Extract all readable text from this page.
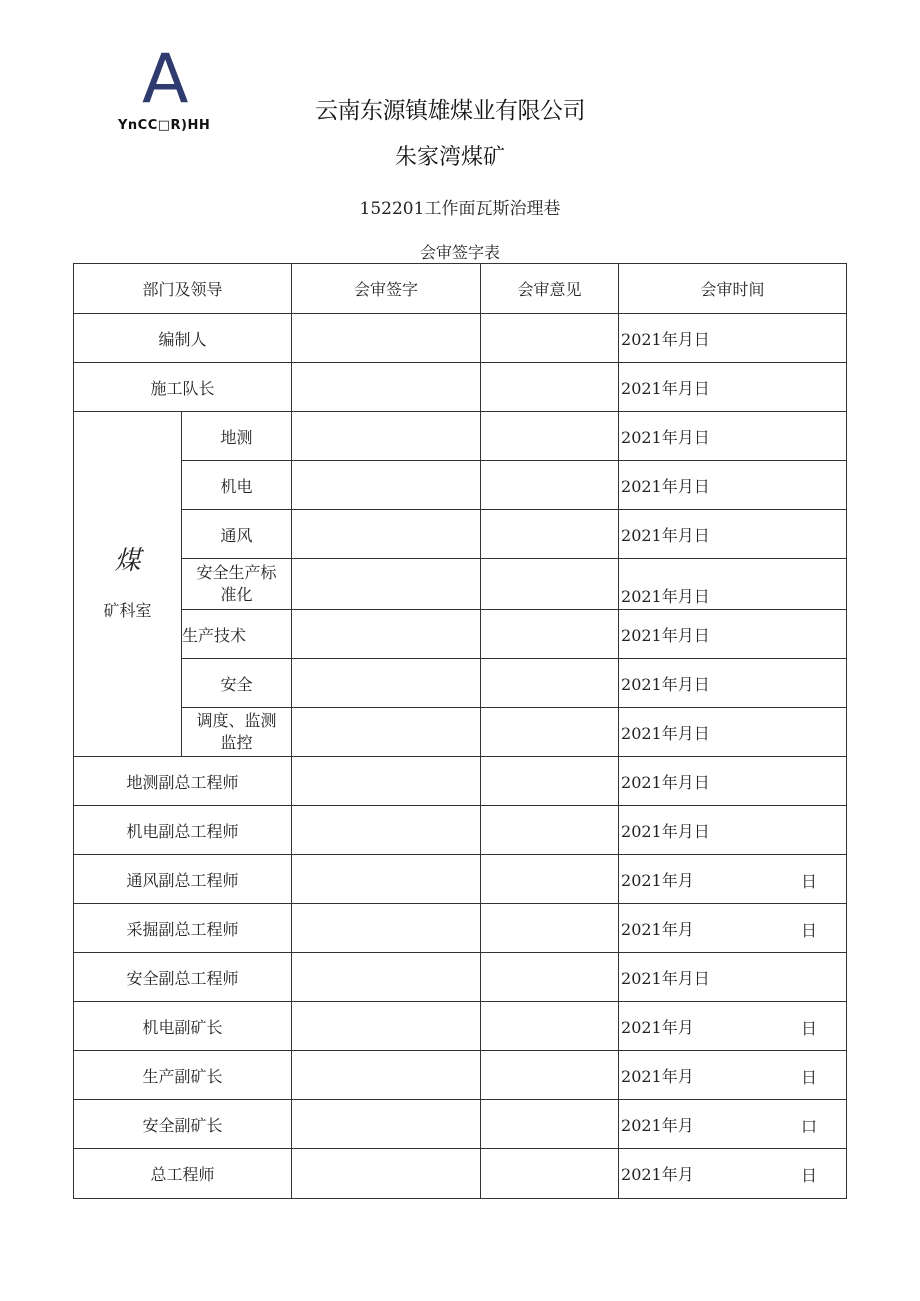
A
YnCC□R)HH
云南东源镇雄煤业有限公司
朱家湾煤矿
152201工作面瓦斯治理巷
会审签字表
部门及领导		会审签字	会审意见	会审时间
编制人				2021年月日
施工队长				2021年月日

煤
矿科室	地测			2021年月日
	机电			2021年月日
	通风			2021年月日

	安全生产标
准化			2021年月日
	生产技术			2021年月日
	安全			2021年月日

	调度、监测
监控			2021年月日
地测副总工程师				2021年月日
机电副总工程师				2021年月日
通风副总工程师				2021年月 日

采掘副总工程师				2021年月 日

安全副总工程师				2021年月日
机电副矿长				2021年月 日

生产副矿长				2021年月 日

安全副矿长				2021年月 口

总工程师				2021年月 日
